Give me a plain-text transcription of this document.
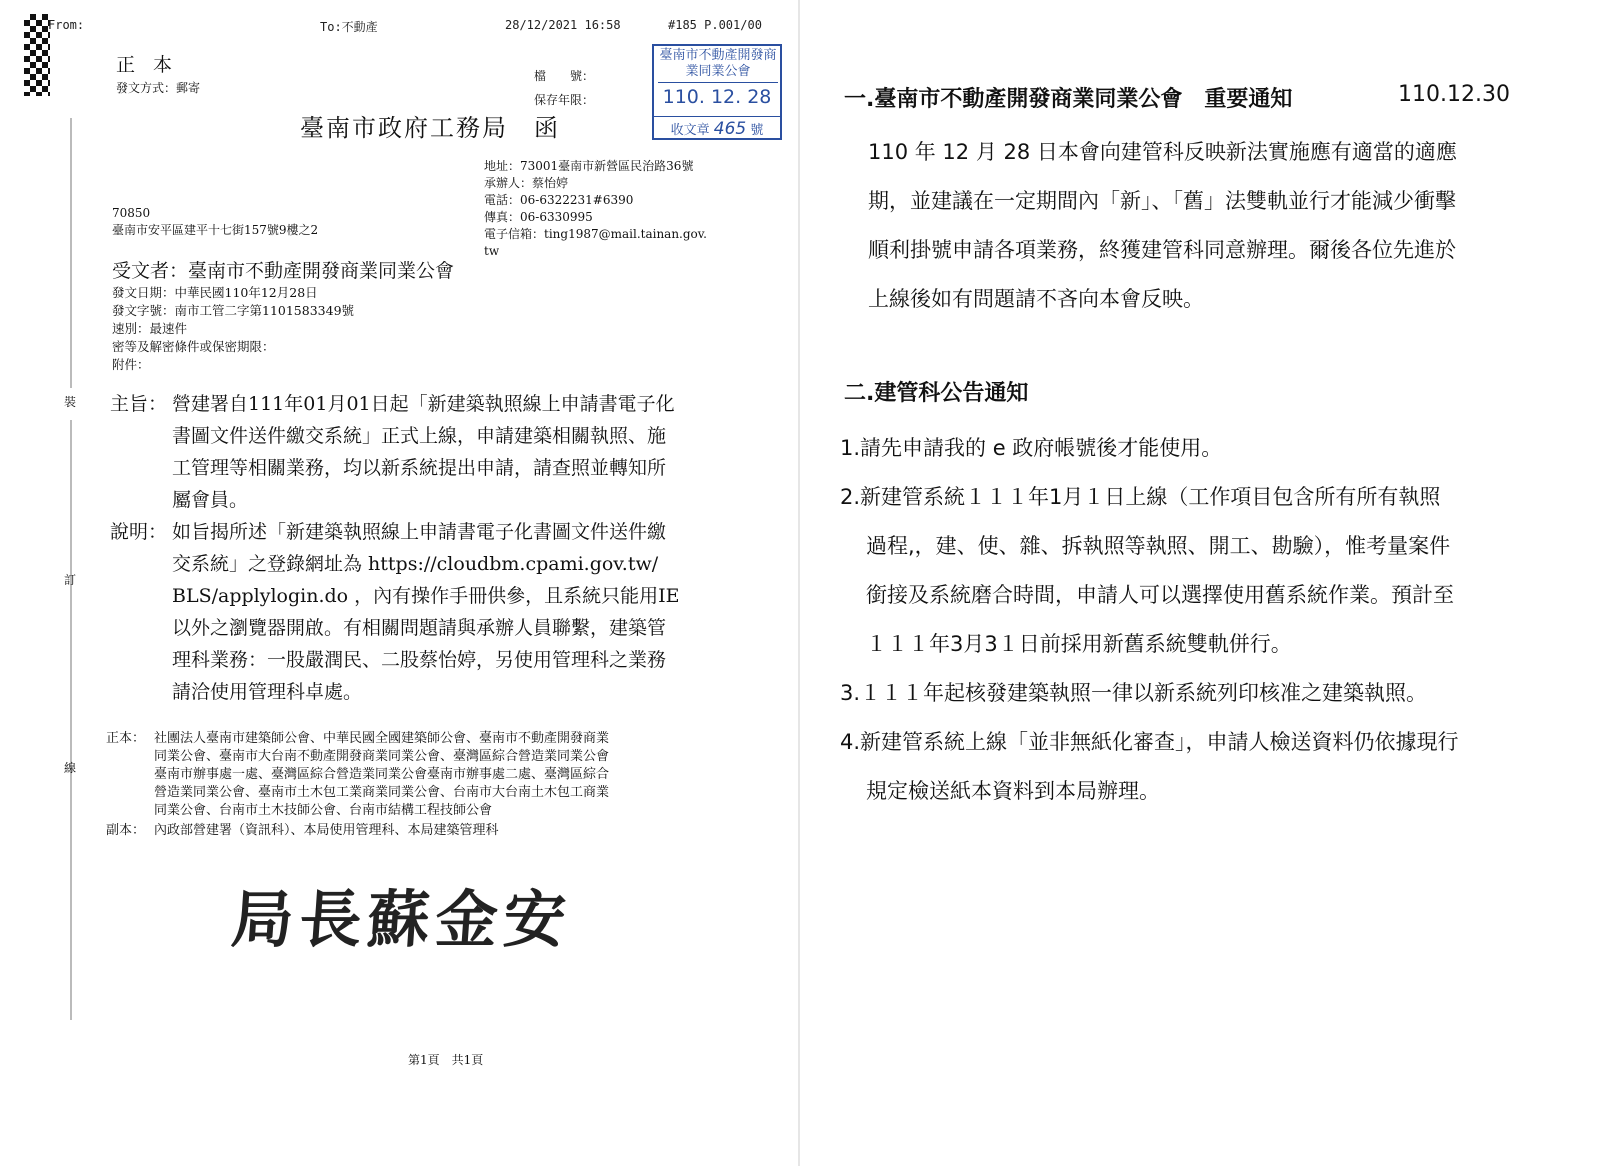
From:	To:不動產	28/12/2021 16:58	#185 P.001/00
正 本
發文方式：郵寄
檔　　號：
保存年限：
臺南市不動產開發商業同業公會
110. 12. 28
收文章 465 號
臺南市政府工務局　函
裝
訂
線
地址：73001臺南市新營區民治路36號
承辦人：蔡怡婷
電話：06-6322231#6390
傳真：06-6330995
電子信箱：ting1987@mail.tainan.gov.
tw
70850
臺南市安平區建平十七街157號9樓之2
受文者：臺南市不動產開發商業同業公會
發文日期：中華民國110年12月28日
發文字號：南市工管二字第1101583349號
速別：最速件
密等及解密條件或保密期限：
附件：
主旨： 營建署自111年01月01日起「新建築執照線上申請書電子化
書圖文件送件繳交系統」正式上線，申請建築相關執照、施
工管理等相關業務，均以新系統提出申請，請查照並轉知所
屬會員。
說明： 如旨揭所述「新建築執照線上申請書電子化書圖文件送件繳
交系統」之登錄網址為 https://cloudbm.cpami.gov.tw/
BLS/applylogin.do ，內有操作手冊供參，且系統只能用IE
以外之瀏覽器開啟。有相關問題請與承辦人員聯繫，建築管
理科業務：一股嚴潤民、二股蔡怡婷，另使用管理科之業務
請洽使用管理科卓處。
正本： 社團法人臺南市建築師公會、中華民國全國建築師公會、臺南市不動產開發商業
同業公會、臺南市大台南不動產開發商業同業公會、臺灣區綜合營造業同業公會
臺南市辦事處一處、臺灣區綜合營造業同業公會臺南市辦事處二處、臺灣區綜合
營造業同業公會、臺南市土木包工業商業同業公會、台南市大台南土木包工商業
同業公會、台南市土木技師公會、台南市結構工程技師公會
副本： 內政部營建署（資訊科）、本局使用管理科、本局建築管理科
局長蘇金安
第1頁　共1頁
一.臺南市不動產開發商業同業公會　重要通知	110.12.30
110 年 12 月 28 日本會向建管科反映新法實施應有適當的適應
期，並建議在一定期間內「新」、「舊」法雙軌並行才能減少衝擊
順利掛號申請各項業務，終獲建管科同意辦理。爾後各位先進於
上線後如有問題請不吝向本會反映。
二.建管科公告通知
1.請先申請我的 e 政府帳號後才能使用。
2.新建管系統１１１年1月１日上線（工作項目包含所有所有執照
過程,，建、使、雜、拆執照等執照、開工、勘驗），惟考量案件
銜接及系統磨合時間，申請人可以選擇使用舊系統作業。預計至
１１１年3月3１日前採用新舊系統雙軌併行。
3.１１１年起核發建築執照一律以新系統列印核准之建築執照。
4.新建管系統上線「並非無紙化審查」，申請人檢送資料仍依據現行
規定檢送紙本資料到本局辦理。
